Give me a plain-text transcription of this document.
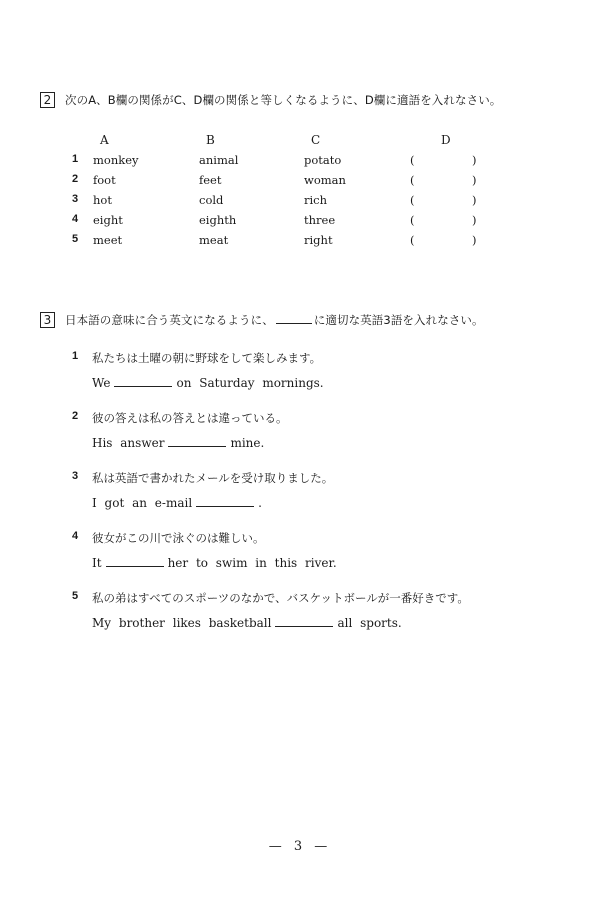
2	次のA、B欄の関係がC、D欄の関係と等しくなるように、D欄に適語を入れなさい。
A	B	C	D
1 monkey	animal	potato	(	)
2 foot	feet	woman	(	)
3 hot	cold	rich	(	)
4 eight	eighth	three	(	)
5 meet	meat	right	(	)
3	日本語の意味に合う英文になるように、	に適切な英語3語を入れなさい。
1 私たちは土曜の朝に野球をして楽しみます。
We	on Saturday mornings.
2 彼の答えは私の答えとは違っている。
His answer	mine.
3 私は英語で書かれたメールを受け取りました。
I got an e-mail	.
4 彼女がこの川で泳ぐのは難しい。
It	her to swim in this river.
5 私の弟はすべてのスポーツのなかで、バスケットボールが一番好きです。
My brother likes basketball	all sports.
— 3 —
